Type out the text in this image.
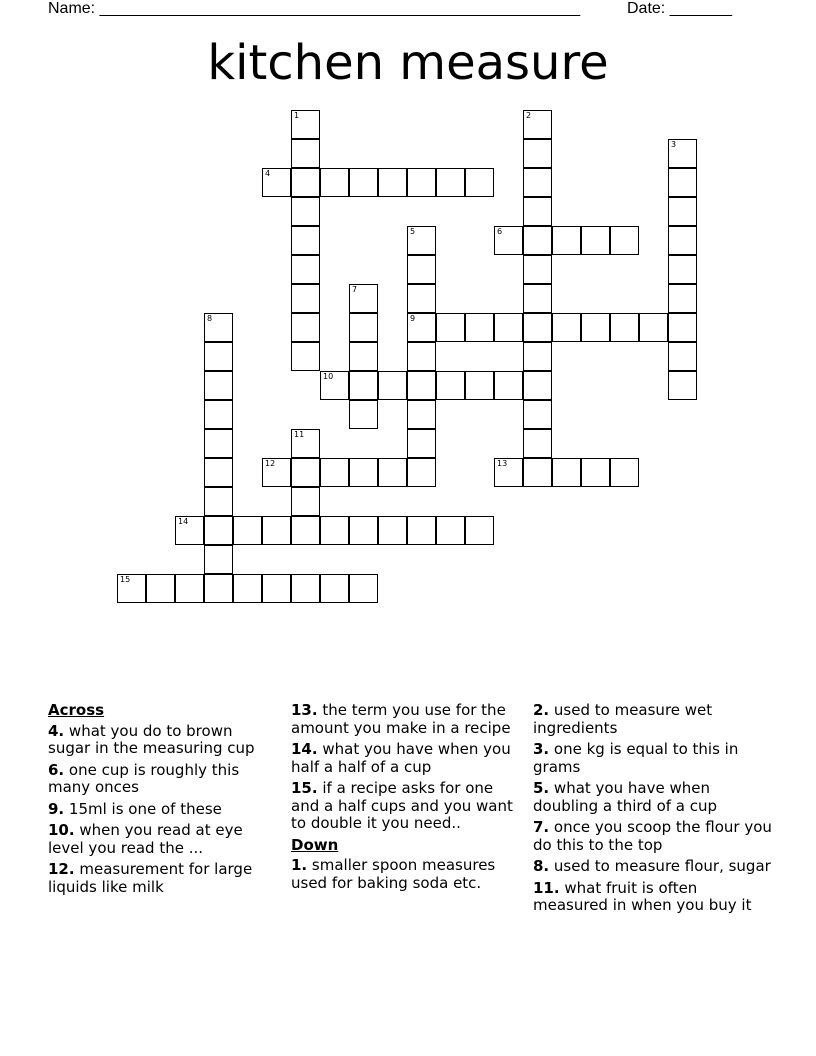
Name: ______________________________________________________	Date: _______
kitchen measure
1	2
3
4
5
9
6
7
8
10
11
12	13
14
15
Across
4. what you do to brown sugar in the measuring cup
6. one cup is roughly this many onces
9. 15ml is one of these
10. when you read at eye level you read the ...
12. measurement for large liquids like milk
13. the term you use for the amount you make in a recipe
14. what you have when you half a half of a cup
15. if a recipe asks for one and a half cups and you want to double it you need..
Down
1. smaller spoon measures used for baking soda etc.
2. used to measure wet ingredients
3. one kg is equal to this in grams
5. what you have when doubling a third of a cup
7. once you scoop the flour you do this to the top
8. used to measure flour, sugar
11. what fruit is often measured in when you buy it
